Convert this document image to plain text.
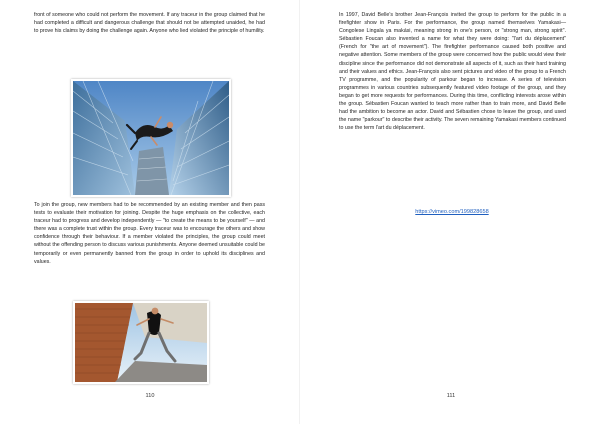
front of someone who could not perform the movement. If any traceur in the group claimed that he had completed a difficult and dangerous challenge that should not be attempted unaided, he had to prove his claims by doing the challenge again. Anyone who lied violated the principle of humility.

To join the group, new members had to be recommended by an existing member and then pass tests to evaluate their motivation for joining. Despite the huge emphasis on the collective, each traceur had to progress and develop independently — "to create the means to be yourself" — and there was a complete trust within the group. Every traceur was to encourage the others and show confidence through their behaviour. If a member violated the principles, the group could meet without the offending person to discuss various punishments. Anyone deemed unsuitable could be temporarily or even permanently banned from the group in order to uphold its disciplines and values.

110

In 1997, David Belle's brother Jean-François invited the group to perform for the public in a firefighter show in Paris. For the performance, the group named themselves Yamakasi—Congolese Lingala ya makási, meaning strong in one's person, or "strong man, strong spirit". Sébastien Foucan also invented a name for what they were doing: "l'art du déplacement" (French for "the art of movement"). The firefighter performance caused both positive and negative attention. Some members of the group were concerned how the public would view their discipline since the performance did not demonstrate all aspects of it, such as their hard training and their values and ethics. Jean-François also sent pictures and video of the group to a French TV programme, and the popularity of parkour began to increase. A series of television programmes in various countries subsequently featured video footage of the group, and they began to get more requests for performances. During this time, conflicting interests arose within the group. Sébastien Foucan wanted to teach more rather than to train more, and David Belle had the ambition to become an actor. David and Sébastien chose to leave the group, and used the name "parkour" to describe their activity. The seven remaining Yamakasi members continued to use the term l'art du déplacement.

https://vimeo.com/199828658
111
